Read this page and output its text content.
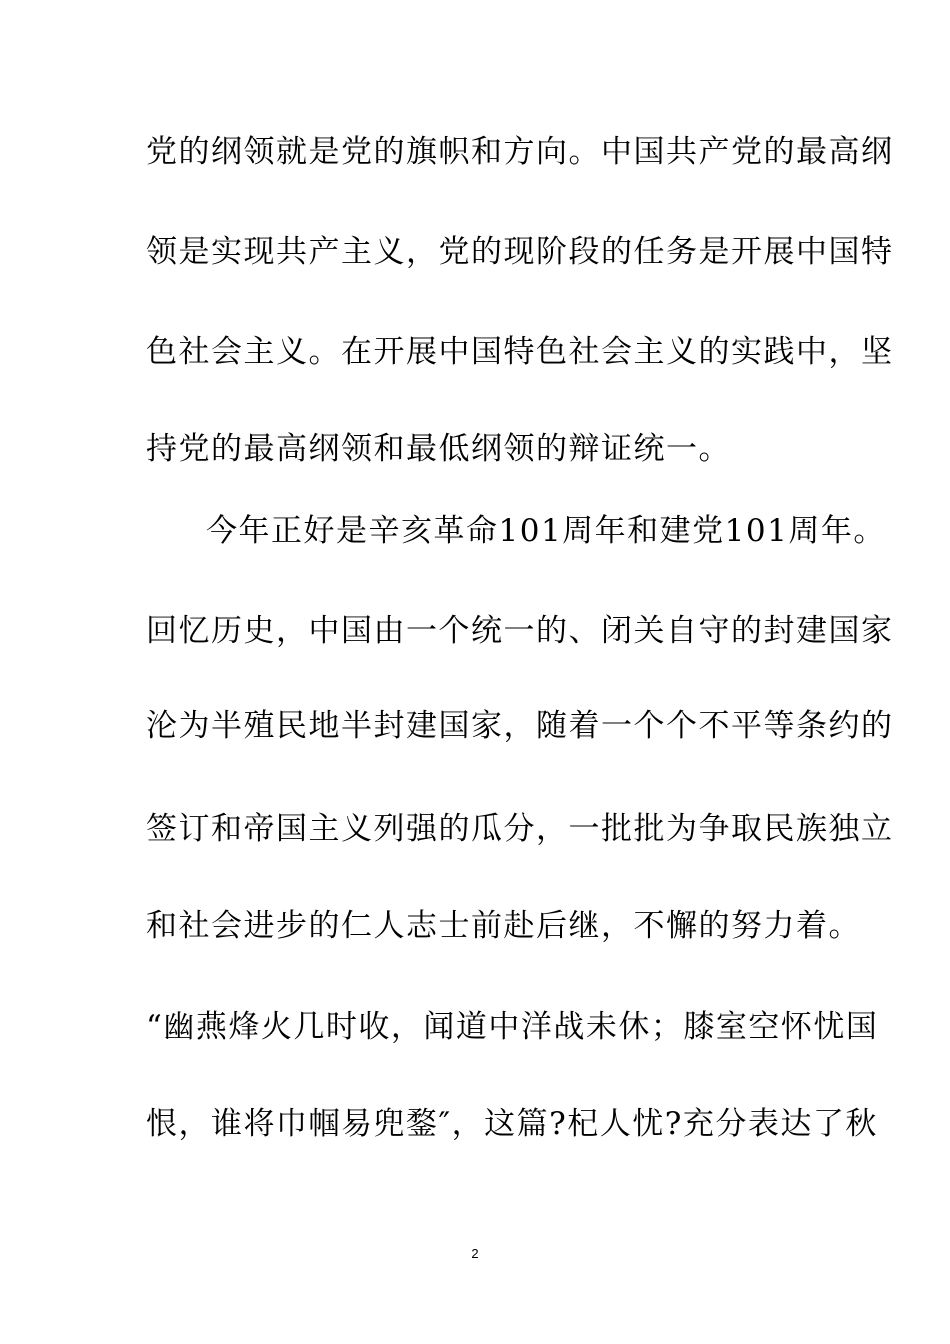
党的纲领就是党的旗帜和方向。中国共产党的最高纲
领是实现共产主义，党的现阶段的任务是开展中国特
色社会主义。在开展中国特色社会主义的实践中，坚
持党的最高纲领和最低纲领的辩证统一。
今年正好是辛亥革命101周年和建党101周年。
回忆历史，中国由一个统一的、闭关自守的封建国家
沦为半殖民地半封建国家，随着一个个不平等条约的
签订和帝国主义列强的瓜分，一批批为争取民族独立
和社会进步的仁人志士前赴后继，不懈的努力着。
“幽燕烽火几时收，闻道中洋战未休；膝室空怀忧国
恨，谁将巾帼易兜鍪″，这篇?杞人忧?充分表达了秋
2
